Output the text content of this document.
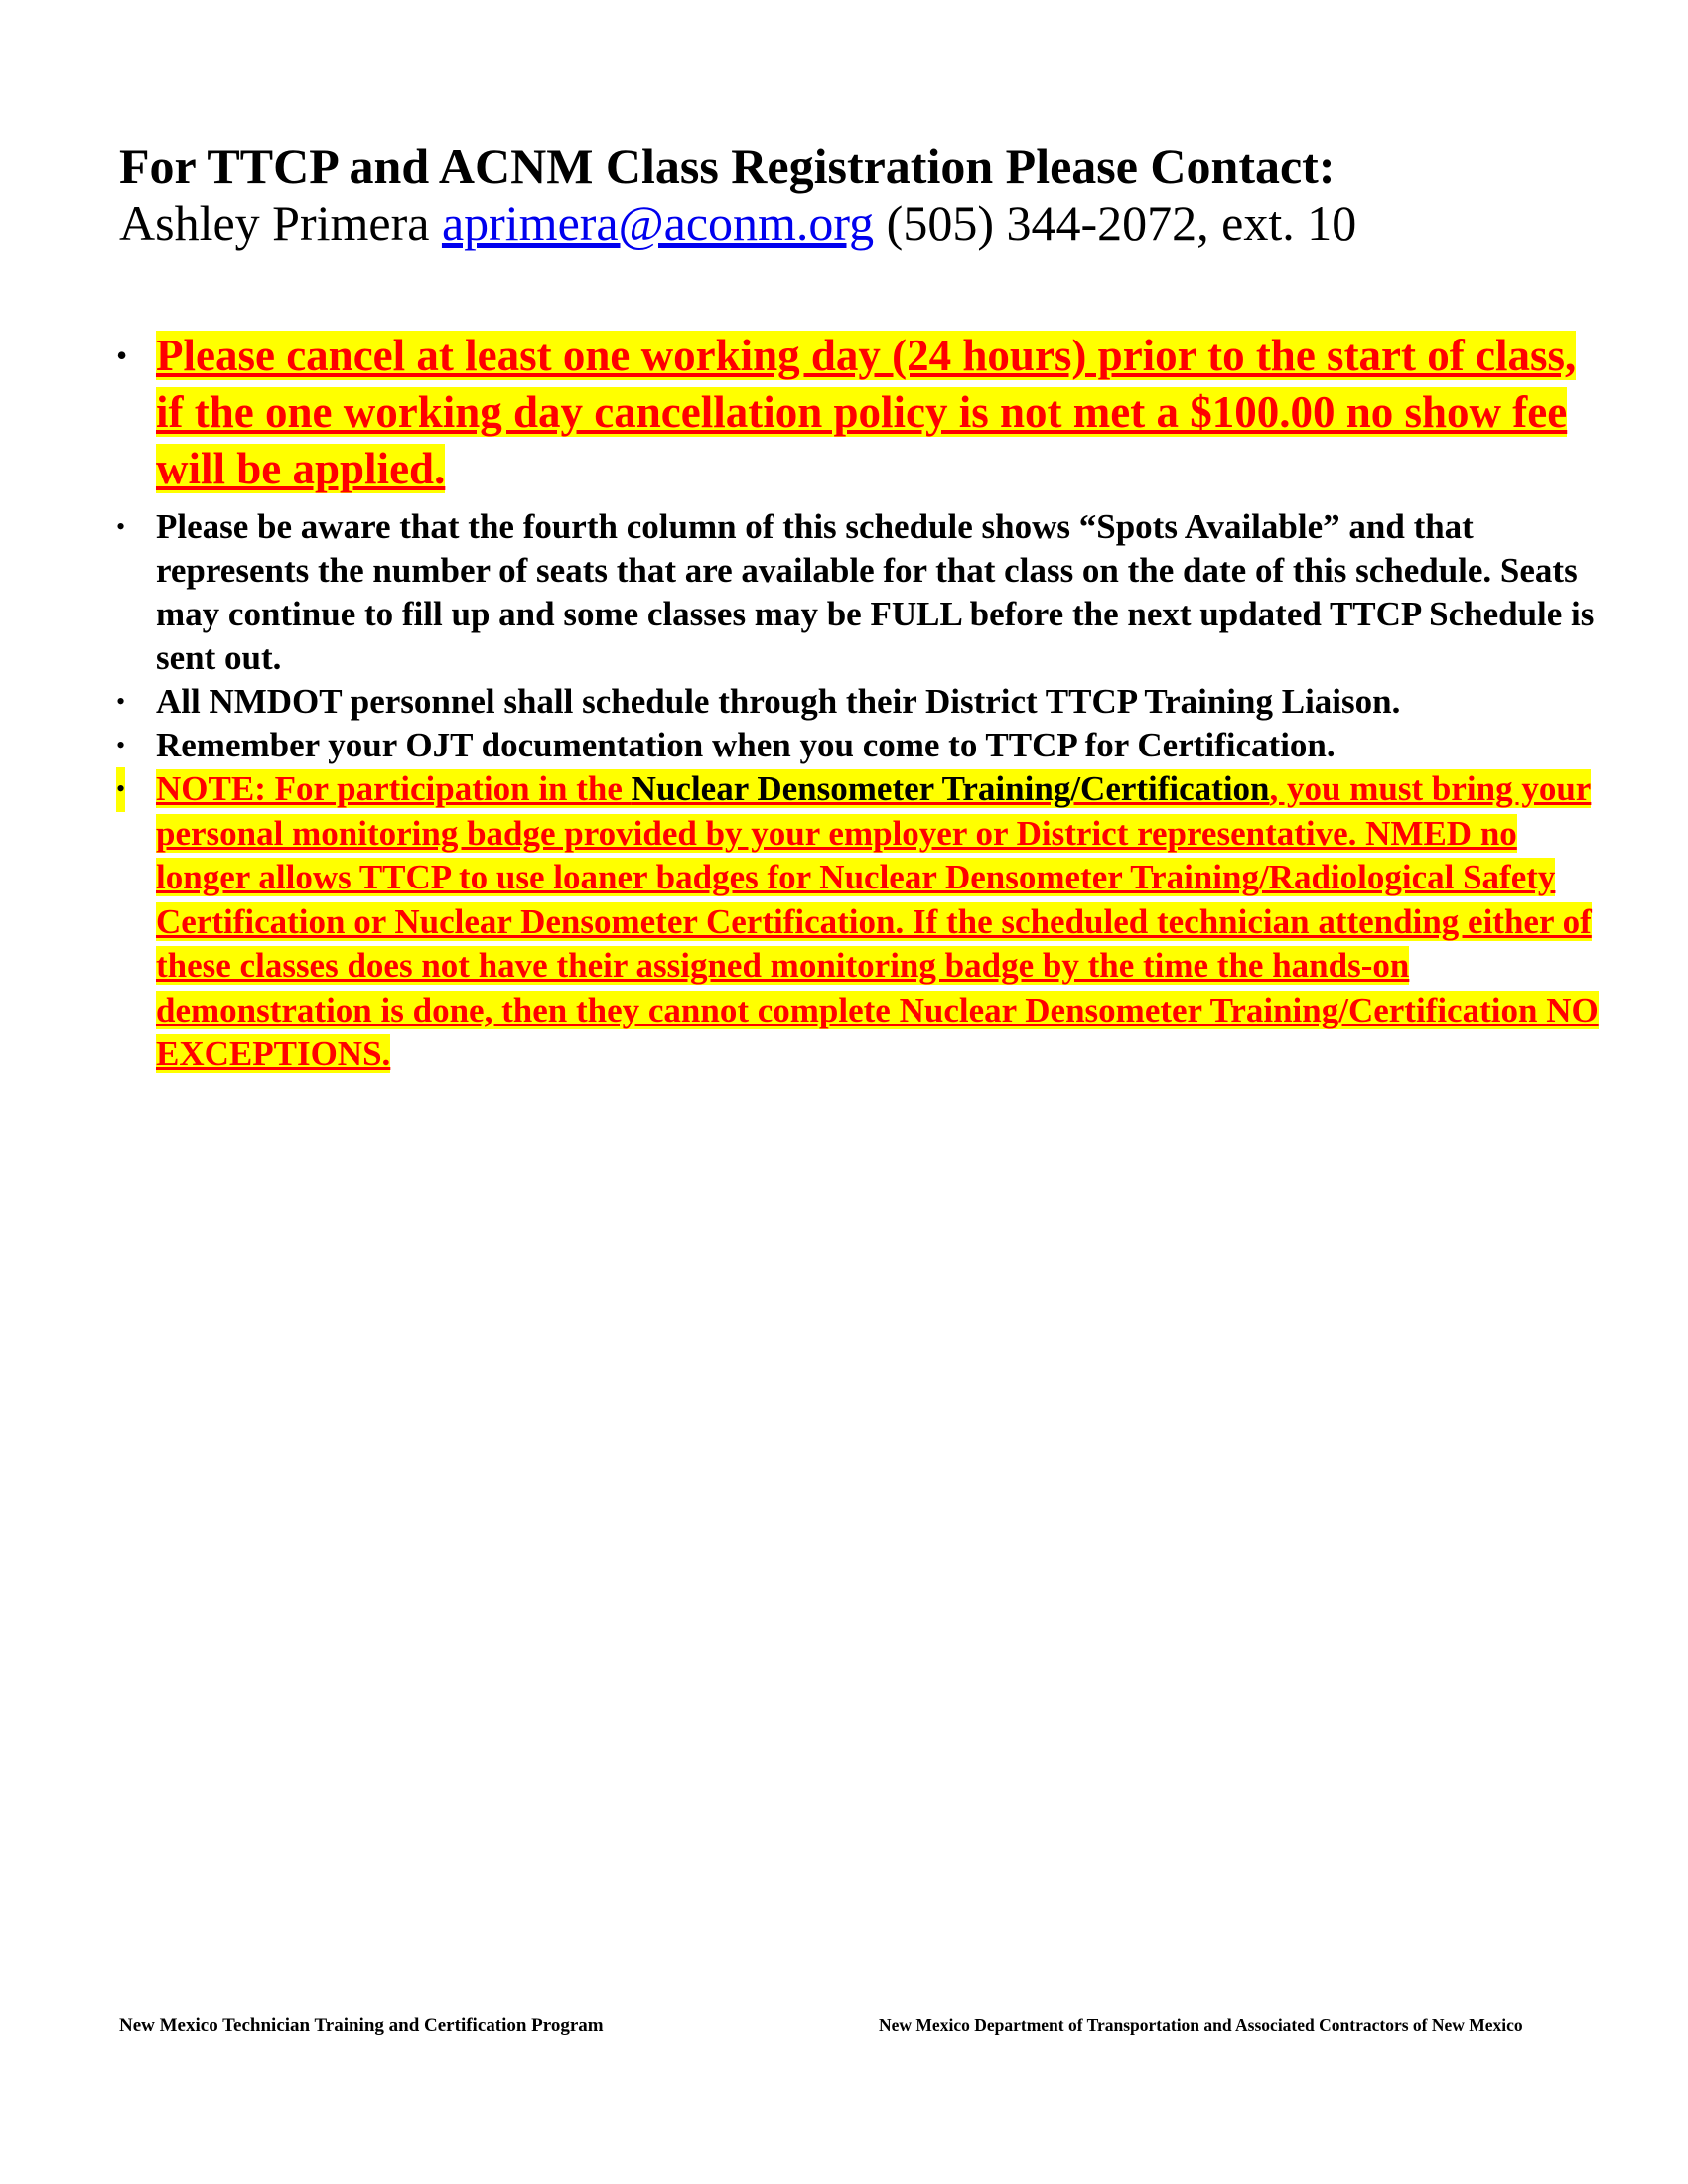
For TTCP and ACNM Class Registration Please Contact:

Ashley Primera aprimera@aconm.org (505) 344-2072, ext. 10

• Please cancel at least one working day (24 hours) prior to the start of class, if the one working day cancellation policy is not met a $100.00 no show fee will be applied.
• Please be aware that the fourth column of this schedule shows “Spots Available” and that represents the number of seats that are available for that class on the date of this schedule. Seats may continue to fill up and some classes may be FULL before the next updated TTCP Schedule is sent out.
• All NMDOT personnel shall schedule through their District TTCP Training Liaison.
• Remember your OJT documentation when you come to TTCP for Certification.
• NOTE: For participation in the Nuclear Densometer Training/Certification, you must bring your personal monitoring badge provided by your employer or District representative. NMED no longer allows TTCP to use loaner badges for Nuclear Densometer Training/Radiological Safety Certification or Nuclear Densometer Certification. If the scheduled technician attending either of these classes does not have their assigned monitoring badge by the time the hands-on demonstration is done, then they cannot complete Nuclear Densometer Training/Certification NO EXCEPTIONS.
New Mexico Technician Training and Certification Program	New Mexico Department of Transportation and Associated Contractors of New Mexico
